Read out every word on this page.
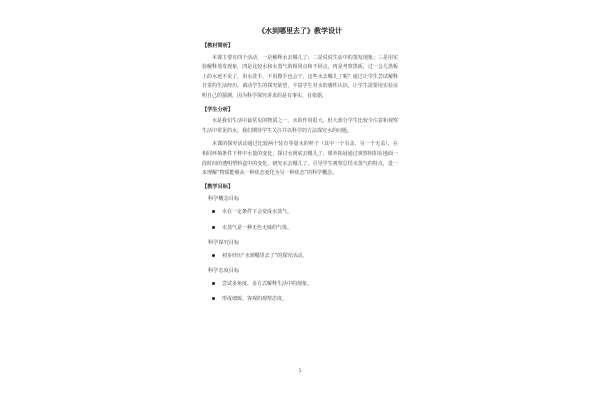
《水到哪里去了》教学设计
【教材简析】

本课主要有四个活动，一是解释水去哪儿了；二是说说生活中的蒸发现象；三是用实验解释蒸发现象，四是比较水和水蒸气的相同点和不同点，再是考察黑板，过一会儿黑板上的水迹不见了，用水洗手，不用擦手也会干，这些水去哪儿了呢？通过让学生尝试解释日常的生活经历，调动学生的探究欲望，丰富学生对水的感性认识，让学生需要用实验证明自己的猜测，因为科学探究讲求的是有事实，有依据。

【学生分析】

水是我们生活中最常见的物质之一，水的作用很大，但大部分学生比较少注意和观察生活中常见的水，我们期待学生关注并以科学的方法探究水的问题。

本课的探究活动通过比较两个装有等量水的杯子（其中一个有盖，另一个无盖），在相同环境条件下杯中水量的变化，探讨水到底去哪儿了，课外拓展通过观察倒扣在地面一段时间的透明塑料盒中的变化，研究水去哪儿了，引导学生观察总结水蒸气的特点，进一步理解“物质能够从一种状态变化为另一种状态”的科学概念。

【教学目标】
科学概念目标
水在一定条件下会变成水蒸气。
水蒸气是一种无色无味的气体。
科学探究目标
初步经历“水到哪里去了”的探究活动。
科学态度目标
尝试多角度、多方式解释生活中的现象。
形成细致、客观的观察态度。
1
